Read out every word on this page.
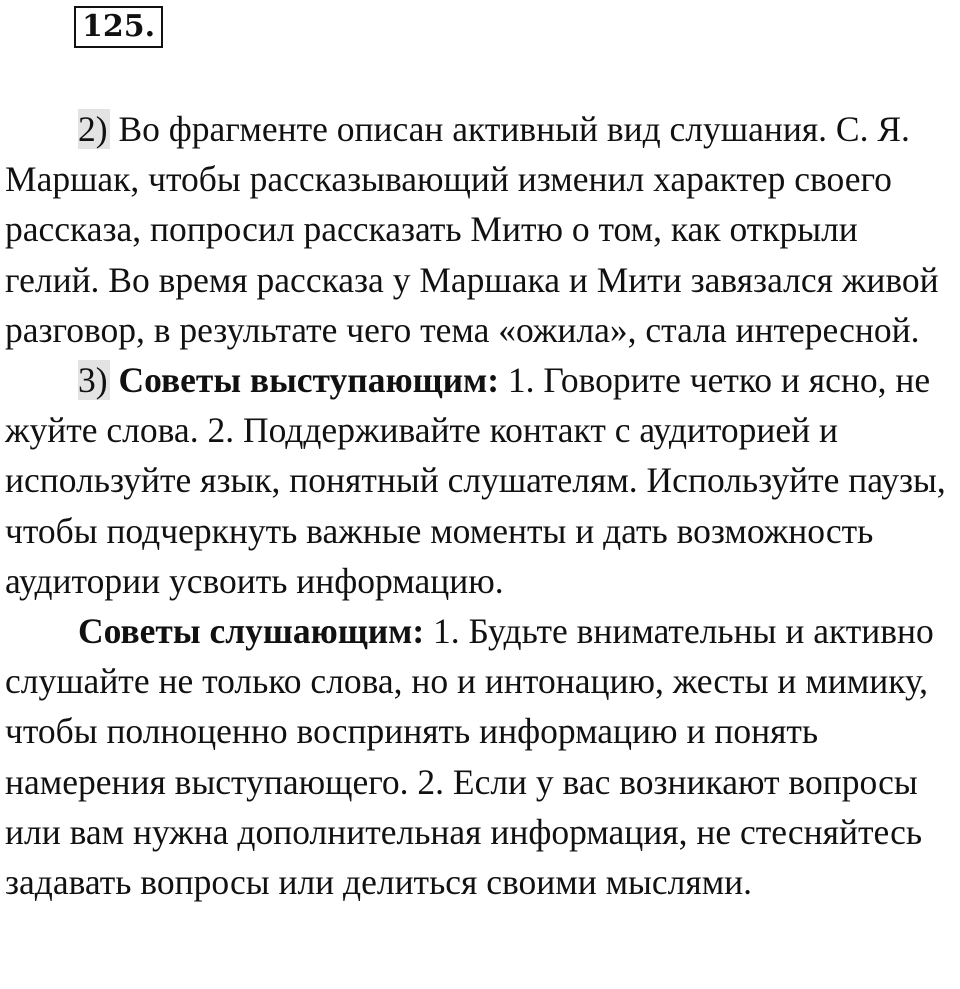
125.

2) Во фрагменте описан активный вид слушания. С. Я. Маршак, чтобы рассказывающий изменил характер своего рассказа, попросил рассказать Митю о том, как открыли гелий. Во время рассказа у Маршака и Мити завязался живой разговор, в результате чего тема «ожила», стала интересной.

3) Советы выступающим: 1. Говорите четко и ясно, не жуйте слова. 2. Поддерживайте контакт с аудиторией и используйте язык, понятный слушателям. Используйте паузы, чтобы подчеркнуть важные моменты и дать возможность аудитории усвоить информацию.

Советы слушающим: 1. Будьте внимательны и активно слушайте не только слова, но и интонацию, жесты и мимику, чтобы полноценно воспринять информацию и понять намерения выступающего. 2. Если у вас возникают вопросы или вам нужна дополнительная информация, не стесняйтесь задавать вопросы или делиться своими мыслями.
